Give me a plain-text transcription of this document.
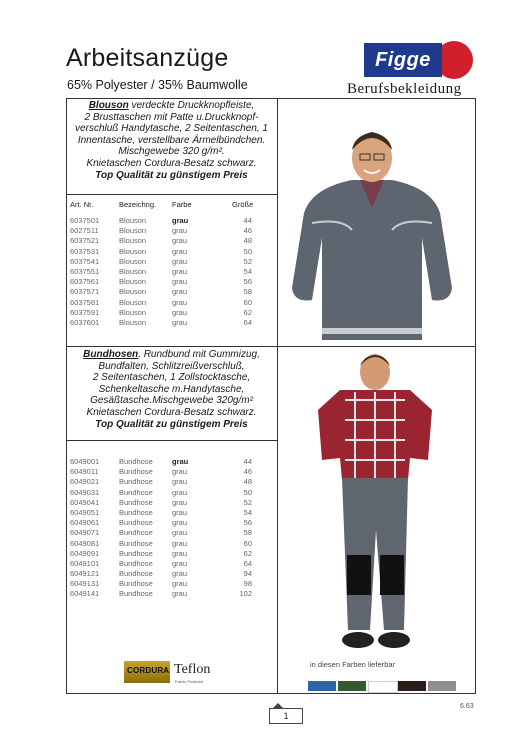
Arbeitsanzüge
65% Polyester / 35% Baumwolle
Figge
Berufsbekleidung
Blouson verdeckte Druckknopfleiste,
2 Brusttaschen mit Patte u.Druckknopf-
verschluß Handytasche, 2 Seitentaschen, 1
Innentasche, verstellbare Ärmelbündchen.
Mischgewebe 320 g/m².
Knietaschen Cordura-Besatz schwarz.
Top Qualität zu günstigem Preis
Art. Nr.	Bezeichng. Farbe	Größe
6037501
6027511
6037521
6037531
6037541
6037551
6037561
6037571
6037581
6037591
6037601
Blouson
Blouson
Blouson
Blouson
Blouson
Blouson
Blouson
Blouson
Blouson
Blouson
Blouson
grau
grau
grau
grau
grau
grau
grau
grau
grau
grau
grau
44
46
48
50
52
54
56
58
60
62
64
Bundhosen, Rundbund mit Gummizug,
Bundfalten, Schlitzreißverschluß,
2 Seitentaschen, 1 Zollstocktasche,
Schenkeltasche m.Handytasche,
Gesäßtasche.Mischgewebe 320g/m²
Knietaschen Cordura-Besatz schwarz.
Top Qualität zu günstigem Preis
6049001
6049011
6049021
6049031
6049041
6049051
6049061
6049071
6049081
6049091
6049101
6049121
6049131
6049141
Bundhose
Bundhose
Bundhose
Bundhose
Bundhose
Bundhose
Bundhose
Bundhose
Bundhose
Bundhose
Bundhose
Bundhose
Bundhose
Bundhose
grau
grau
grau
grau
grau
grau
grau
grau
grau
grau
grau
grau
grau
grau
44
46
48
50
52
54
56
58
60
62
64
94
98
102
in diesen Farben lieferbar
CORDURA Teflon
Fabric Protector
1
6.63
